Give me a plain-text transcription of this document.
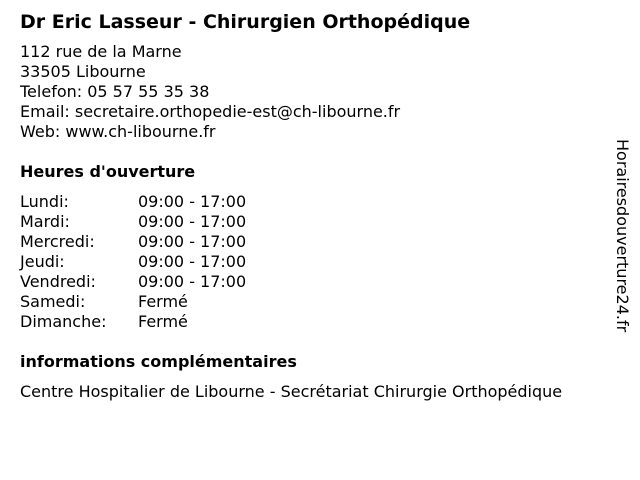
Dr Eric Lasseur - Chirurgien Orthopédique
112 rue de la Marne
33505 Libourne
Telefon: 05 57 55 35 38
Email: secretaire.orthopedie-est@ch-libourne.fr
Web: www.ch-libourne.fr
Heures d'ouverture
Lundi:	09:00 - 17:00
Mardi:	09:00 - 17:00
Mercredi:	09:00 - 17:00
Jeudi:	09:00 - 17:00
Vendredi:	09:00 - 17:00
Samedi:	Fermé
Dimanche: Fermé
informations complémentaires
Centre Hospitalier de Libourne - Secrétariat Chirurgie Orthopédique
Horairesdouverture24.fr
